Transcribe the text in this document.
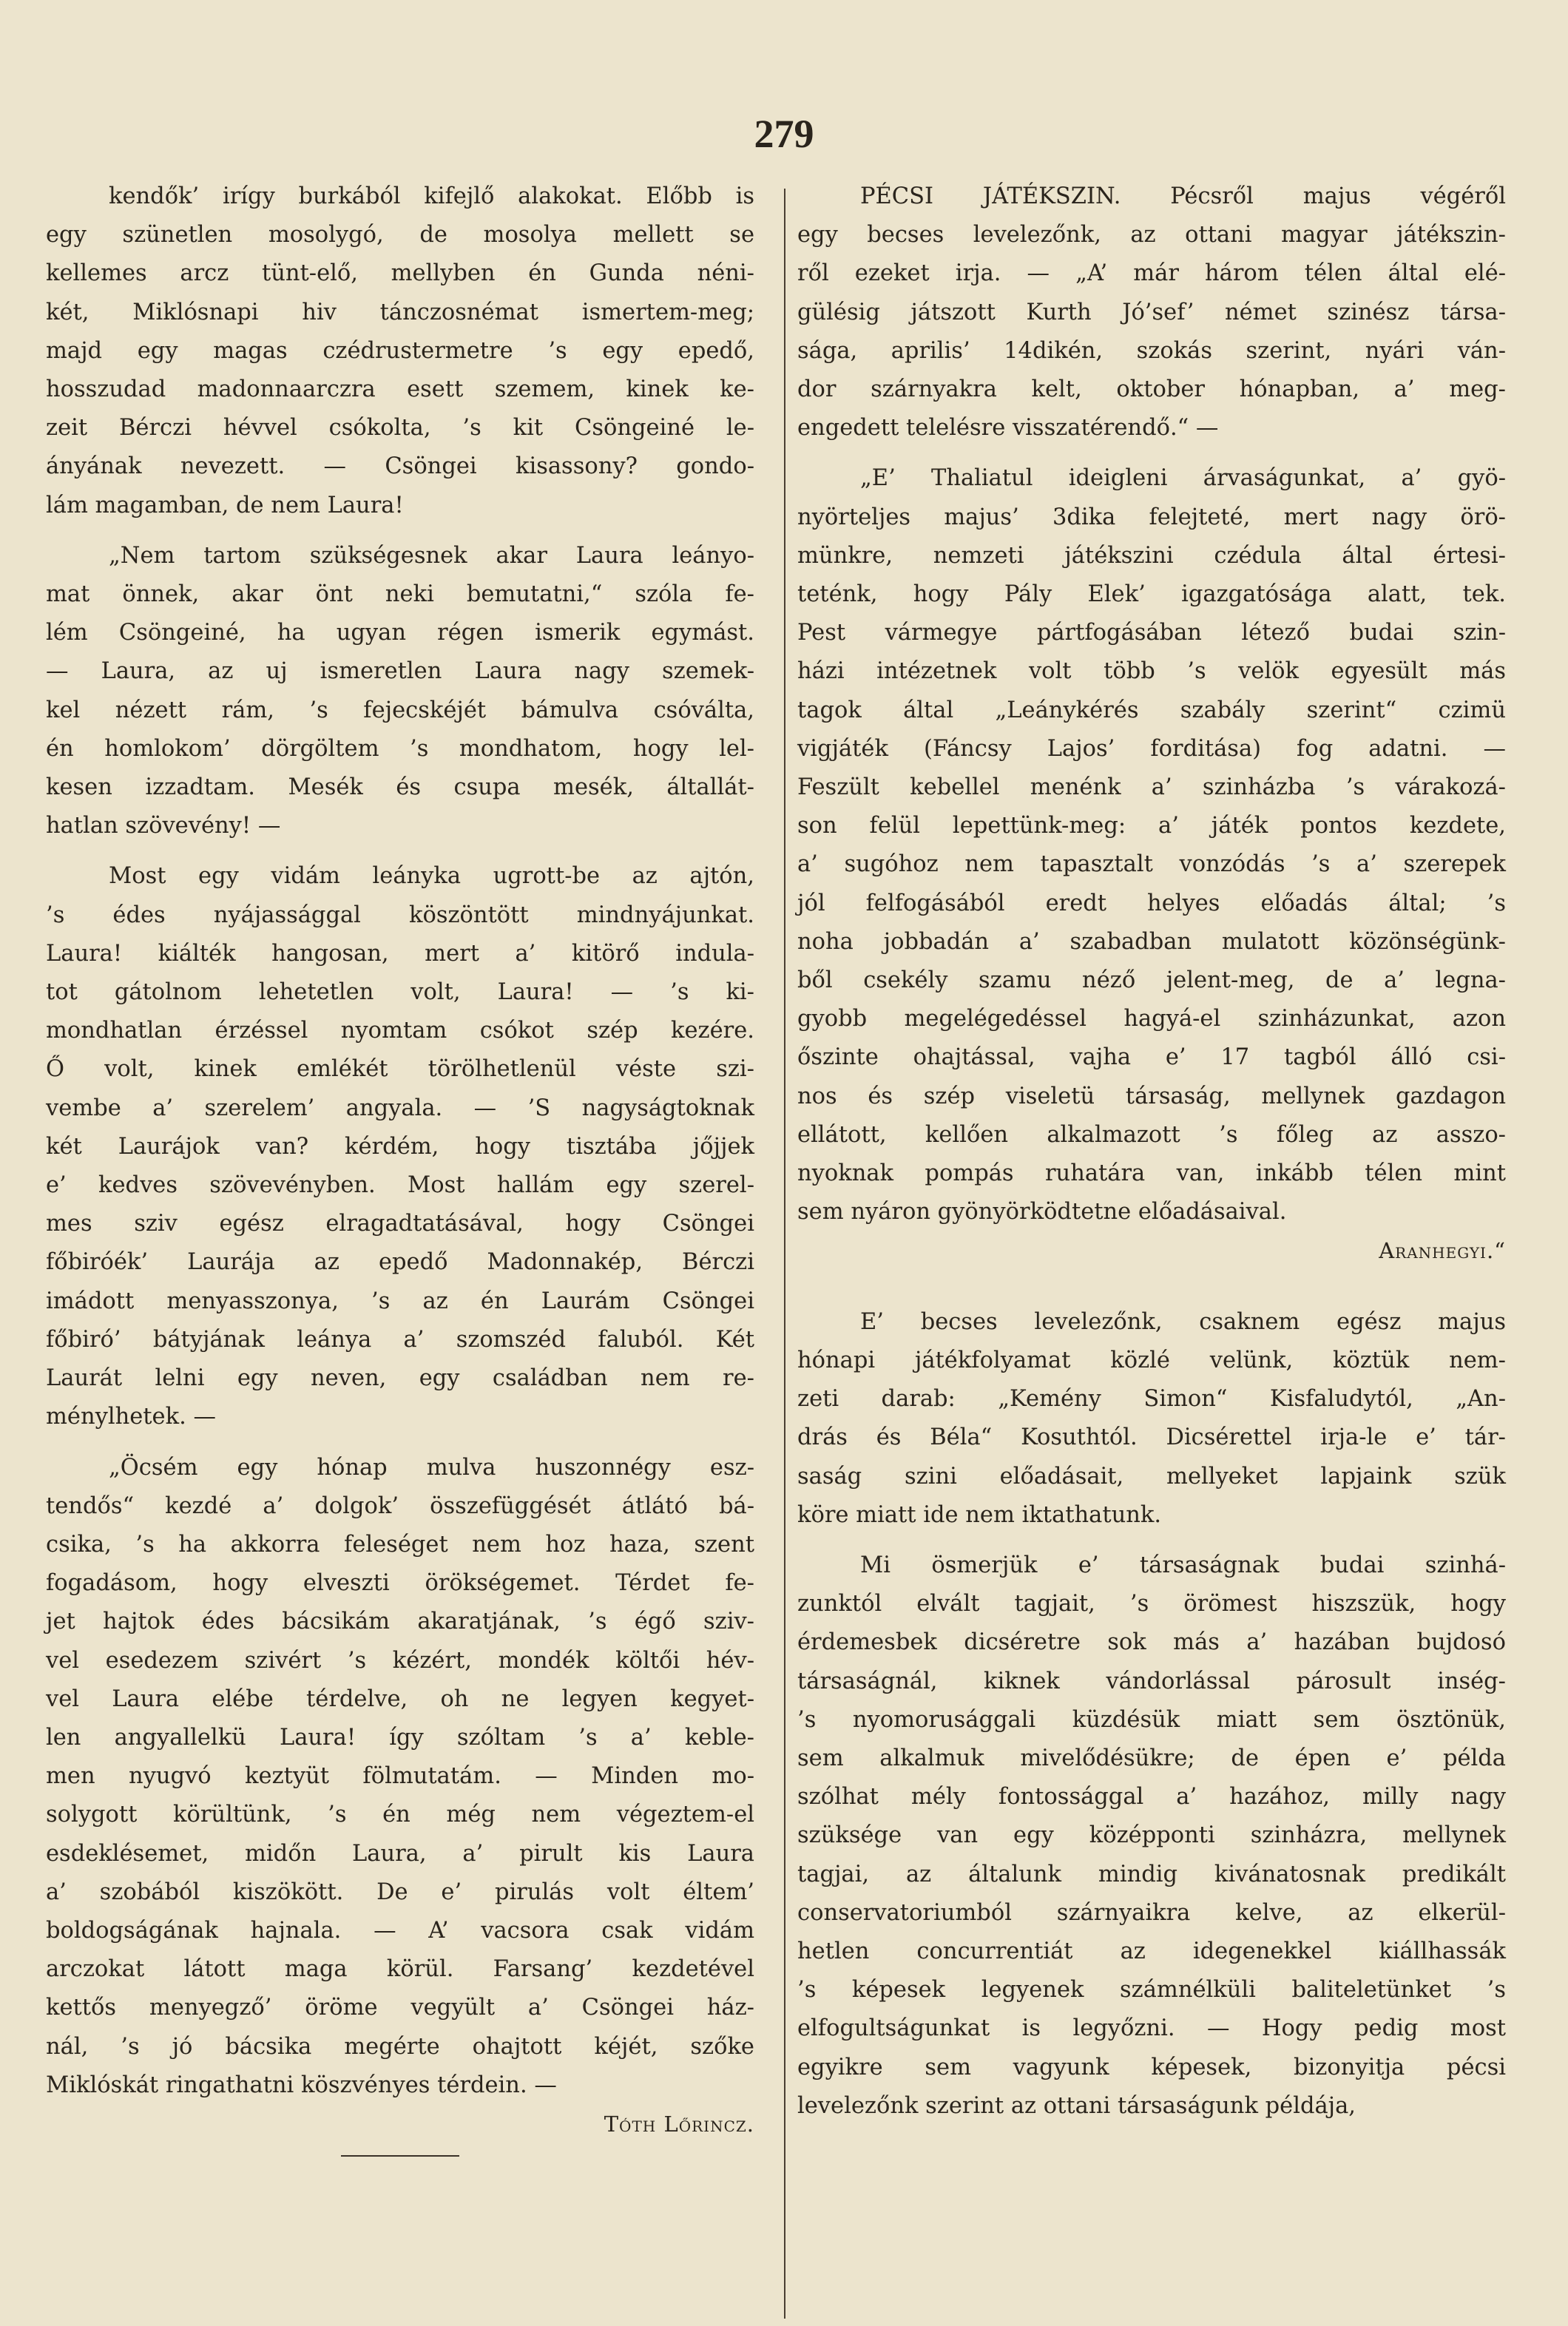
279

kendők’ irígy burkából kifejlő alakokat. Előbb is

egy szünetlen mosolygó, de mosolya mellett se

kellemes arcz tünt-elő, mellyben én Gunda néni-

két, Miklósnapi hiv tánczosnémat ismertem-meg;

majd egy magas czédrustermetre ’s egy epedő,

hosszudad madonnaarczra esett szemem, kinek ke-

zeit Bérczi hévvel csókolta, ’s kit Csöngeiné le-

ányának nevezett. — Csöngei kisassony? gondo-

lám magamban, de nem Laura!

„Nem tartom szükségesnek akar Laura leányo-

mat önnek, akar önt neki bemutatni,“ szóla fe-

lém Csöngeiné, ha ugyan régen ismerik egymást.

— Laura, az uj ismeretlen Laura nagy szemek-

kel nézett rám, ’s fejecskéjét bámulva csóválta,

én homlokom’ dörgöltem ’s mondhatom, hogy lel-

kesen izzadtam. Mesék és csupa mesék, általlát-

hatlan szövevény! —

Most egy vidám leányka ugrott-be az ajtón,

’s édes nyájassággal köszöntött mindnyájunkat.

Laura! kiálték hangosan, mert a’ kitörő indula-

tot gátolnom lehetetlen volt, Laura! — ’s ki-

mondhatlan érzéssel nyomtam csókot szép kezére.

Ő volt, kinek emlékét törölhetlenül véste szi-

vembe a’ szerelem’ angyala. — ’S nagyságtoknak

két Laurájok van? kérdém, hogy tisztába jőjjek

e’ kedves szövevényben. Most hallám egy szerel-

mes sziv egész elragadtatásával, hogy Csöngei

főbiróék’ Laurája az epedő Madonnakép, Bérczi

imádott menyasszonya, ’s az én Laurám Csöngei

főbiró’ bátyjának leánya a’ szomszéd faluból. Két

Laurát lelni egy neven, egy családban nem re-

ménylhetek. —

„Öcsém egy hónap mulva huszonnégy esz-

tendős“ kezdé a’ dolgok’ összefüggését átlátó bá-

csika, ’s ha akkorra feleséget nem hoz haza, szent

fogadásom, hogy elveszti örökségemet. Térdet fe-

jet hajtok édes bácsikám akaratjának, ’s égő sziv-

vel esedezem szivért ’s kézért, mondék költői hév-

vel Laura elébe térdelve, oh ne legyen kegyet-

len angyallelkü Laura! így szóltam ’s a’ keble-

men nyugvó keztyüt fölmutatám. — Minden mo-

solygott körültünk, ’s én még nem végeztem-el

esdeklésemet, midőn Laura, a’ pirult kis Laura

a’ szobából kiszökött. De e’ pirulás volt éltem’

boldogságának hajnala. — A’ vacsora csak vidám

arczokat látott maga körül. Farsang’ kezdetével

kettős menyegző’ öröme vegyült a’ Csöngei ház-

nál, ’s jó bácsika megérte ohajtott kéjét, szőke

Miklóskát ringathatni köszvényes térdein. —

Tóth Lőrincz.

PÉCSI JÁTÉKSZIN. Pécsről majus végéről

egy becses levelezőnk, az ottani magyar játékszin-

ről ezeket irja. — „A’ már három télen által elé-

gülésig játszott Kurth Jó’sef’ német szinész társa-

sága, aprilis’ 14dikén, szokás szerint, nyári ván-

dor szárnyakra kelt, oktober hónapban, a’ meg-

engedett telelésre visszatérendő.“ —

„E’ Thaliatul ideigleni árvaságunkat, a’ gyö-

nyörteljes majus’ 3dika felejteté, mert nagy örö-

münkre, nemzeti játékszini czédula által értesi-

teténk, hogy Pály Elek’ igazgatósága alatt, tek.

Pest vármegye pártfogásában létező budai szin-

házi intézetnek volt több ’s velök egyesült más

tagok által „Leánykérés szabály szerint“ czimü

vigjáték (Fáncsy Lajos’ forditása) fog adatni. —

Feszült kebellel menénk a’ szinházba ’s várakozá-

son felül lepettünk-meg: a’ játék pontos kezdete,

a’ sugóhoz nem tapasztalt vonzódás ’s a’ szerepek

jól felfogásából eredt helyes előadás által; ’s

noha jobbadán a’ szabadban mulatott közönségünk-

ből csekély szamu néző jelent-meg, de a’ legna-

gyobb megelégedéssel hagyá-el szinházunkat, azon

őszinte ohajtással, vajha e’ 17 tagból álló csi-

nos és szép viseletü társaság, mellynek gazdagon

ellátott, kellően alkalmazott ’s főleg az asszo-

nyoknak pompás ruhatára van, inkább télen mint

sem nyáron gyönyörködtetne előadásaival.

Aranhegyi.“

E’ becses levelezőnk, csaknem egész majus

hónapi játékfolyamat közlé velünk, köztük nem-

zeti darab: „Kemény Simon“ Kisfaludytól, „An-

drás és Béla“ Kosuthtól. Dicsérettel irja-le e’ tár-

saság szini előadásait, mellyeket lapjaink szük

köre miatt ide nem iktathatunk.

Mi ösmerjük e’ társaságnak budai szinhá-

zunktól elvált tagjait, ’s örömest hiszszük, hogy

érdemesbek dicséretre sok más a’ hazában bujdosó

társaságnál, kiknek vándorlással párosult inség-

’s nyomorusággali küzdésük miatt sem ösztönük,

sem alkalmuk mivelődésükre; de épen e’ példa

szólhat mély fontossággal a’ hazához, milly nagy

szüksége van egy középponti szinházra, mellynek

tagjai, az általunk mindig kivánatosnak predikált

conservatoriumból szárnyaikra kelve, az elkerül-

hetlen concurrentiát az idegenekkel kiállhassák

’s képesek legyenek számnélküli baliteletünket ’s

elfogultságunkat is legyőzni. — Hogy pedig most

egyikre sem vagyunk képesek, bizonyitja pécsi

levelezőnk szerint az ottani társaságunk példája,
